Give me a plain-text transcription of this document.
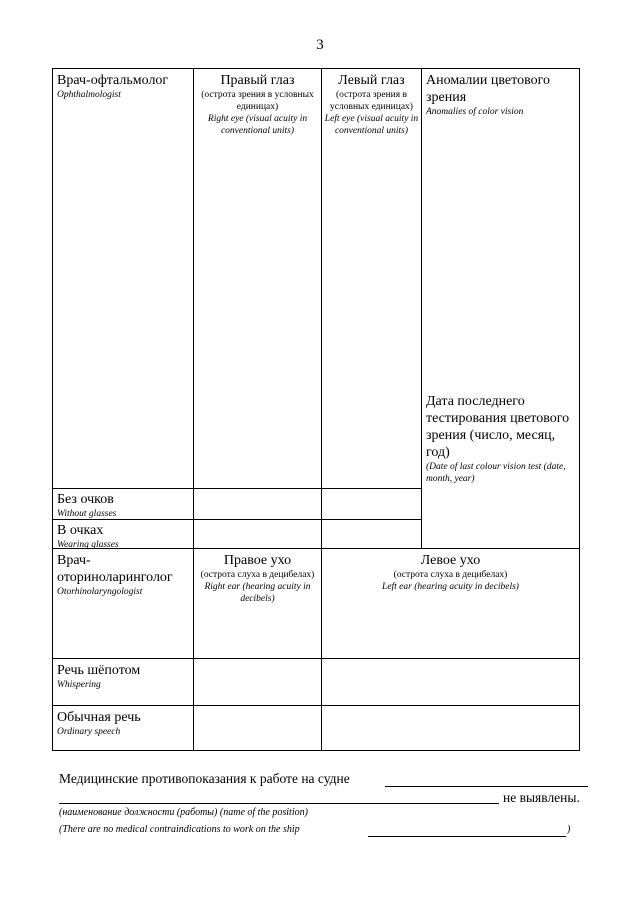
3
Врач-офтальмолог
Ophthalmologist
Правый глаз
(острота зрения в условных единицах)
Right eye (visual acuity in conventional units)
Левый глаз
(острота зрения в условных единицах)
Left eye (visual acuity in conventional units)
Аномалии цветового зрения
Anomalies of color vision
Дата последнего тестирования цветового зрения (число, месяц, год)
(Date of last colour vision test (date, month, year)
Без очков
Without glasses
В очках
Wearing glasses
Врач-
оториноларинголог
Otorhinolaryngologist
Правое ухо
(острота слуха в децибелах)
Right ear (hearing acuity in decibels)
Левое ухо
(острота слуха в децибелах)
Left ear (hearing acuity in decibels)
Речь шёпотом
Whispering
Обычная речь
Ordinary speech
Медицинские противопоказания к работе на судне
не выявлены.
(наименование должности (работы) (name of the position)
(There are no medical contraindications to work on the ship	)
